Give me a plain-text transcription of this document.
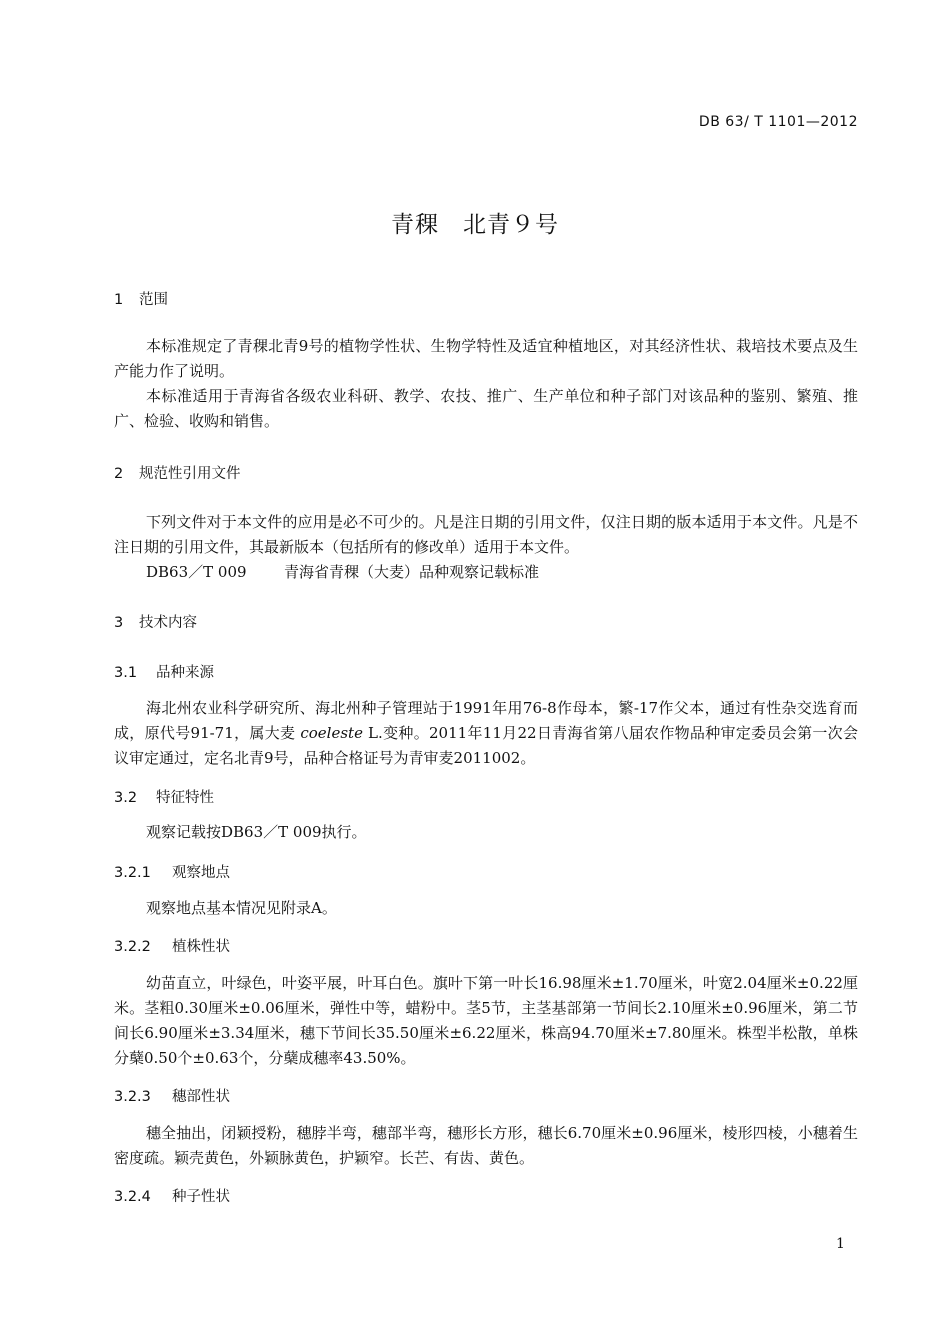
DB 63/ T 1101—2012
青稞　北青９号
1 范围
本标准规定了青稞北青9号的植物学性状、生物学特性及适宜种植地区，对其经济性状、栽培技术要点及生产能力作了说明。
本标准适用于青海省各级农业科研、教学、农技、推广、生产单位和种子部门对该品种的鉴别、繁殖、推广、检验、收购和销售。
2 规范性引用文件
下列文件对于本文件的应用是必不可少的。凡是注日期的引用文件，仅注日期的版本适用于本文件。凡是不注日期的引用文件，其最新版本（包括所有的修改单）适用于本文件。
DB63／T 009 青海省青稞（大麦）品种观察记载标准
3 技术内容
3.1 品种来源
海北州农业科学研究所、海北州种子管理站于1991年用76-8作母本，繁-17作父本，通过有性杂交选育而成，原代号91-71，属大麦 coeleste L.变种。2011年11月22日青海省第八届农作物品种审定委员会第一次会议审定通过，定名北青9号，品种合格证号为青审麦2011002。
3.2 特征特性
观察记载按DB63／T 009执行。
3.2.1 观察地点
观察地点基本情况见附录A。
3.2.2 植株性状
幼苗直立，叶绿色，叶姿平展，叶耳白色。旗叶下第一叶长16.98厘米±1.70厘米，叶宽2.04厘米±0.22厘米。茎粗0.30厘米±0.06厘米，弹性中等，蜡粉中。茎5节，主茎基部第一节间长2.10厘米±0.96厘米，第二节间长6.90厘米±3.34厘米，穗下节间长35.50厘米±6.22厘米，株高94.70厘米±7.80厘米。株型半松散，单株分蘖0.50个±0.63个，分蘖成穗率43.50%。
3.2.3 穗部性状
穗全抽出，闭颖授粉，穗脖半弯，穗部半弯，穗形长方形，穗长6.70厘米±0.96厘米，棱形四棱，小穗着生密度疏。颖壳黄色，外颖脉黄色，护颖窄。长芒、有齿、黄色。
3.2.4 种子性状
1
